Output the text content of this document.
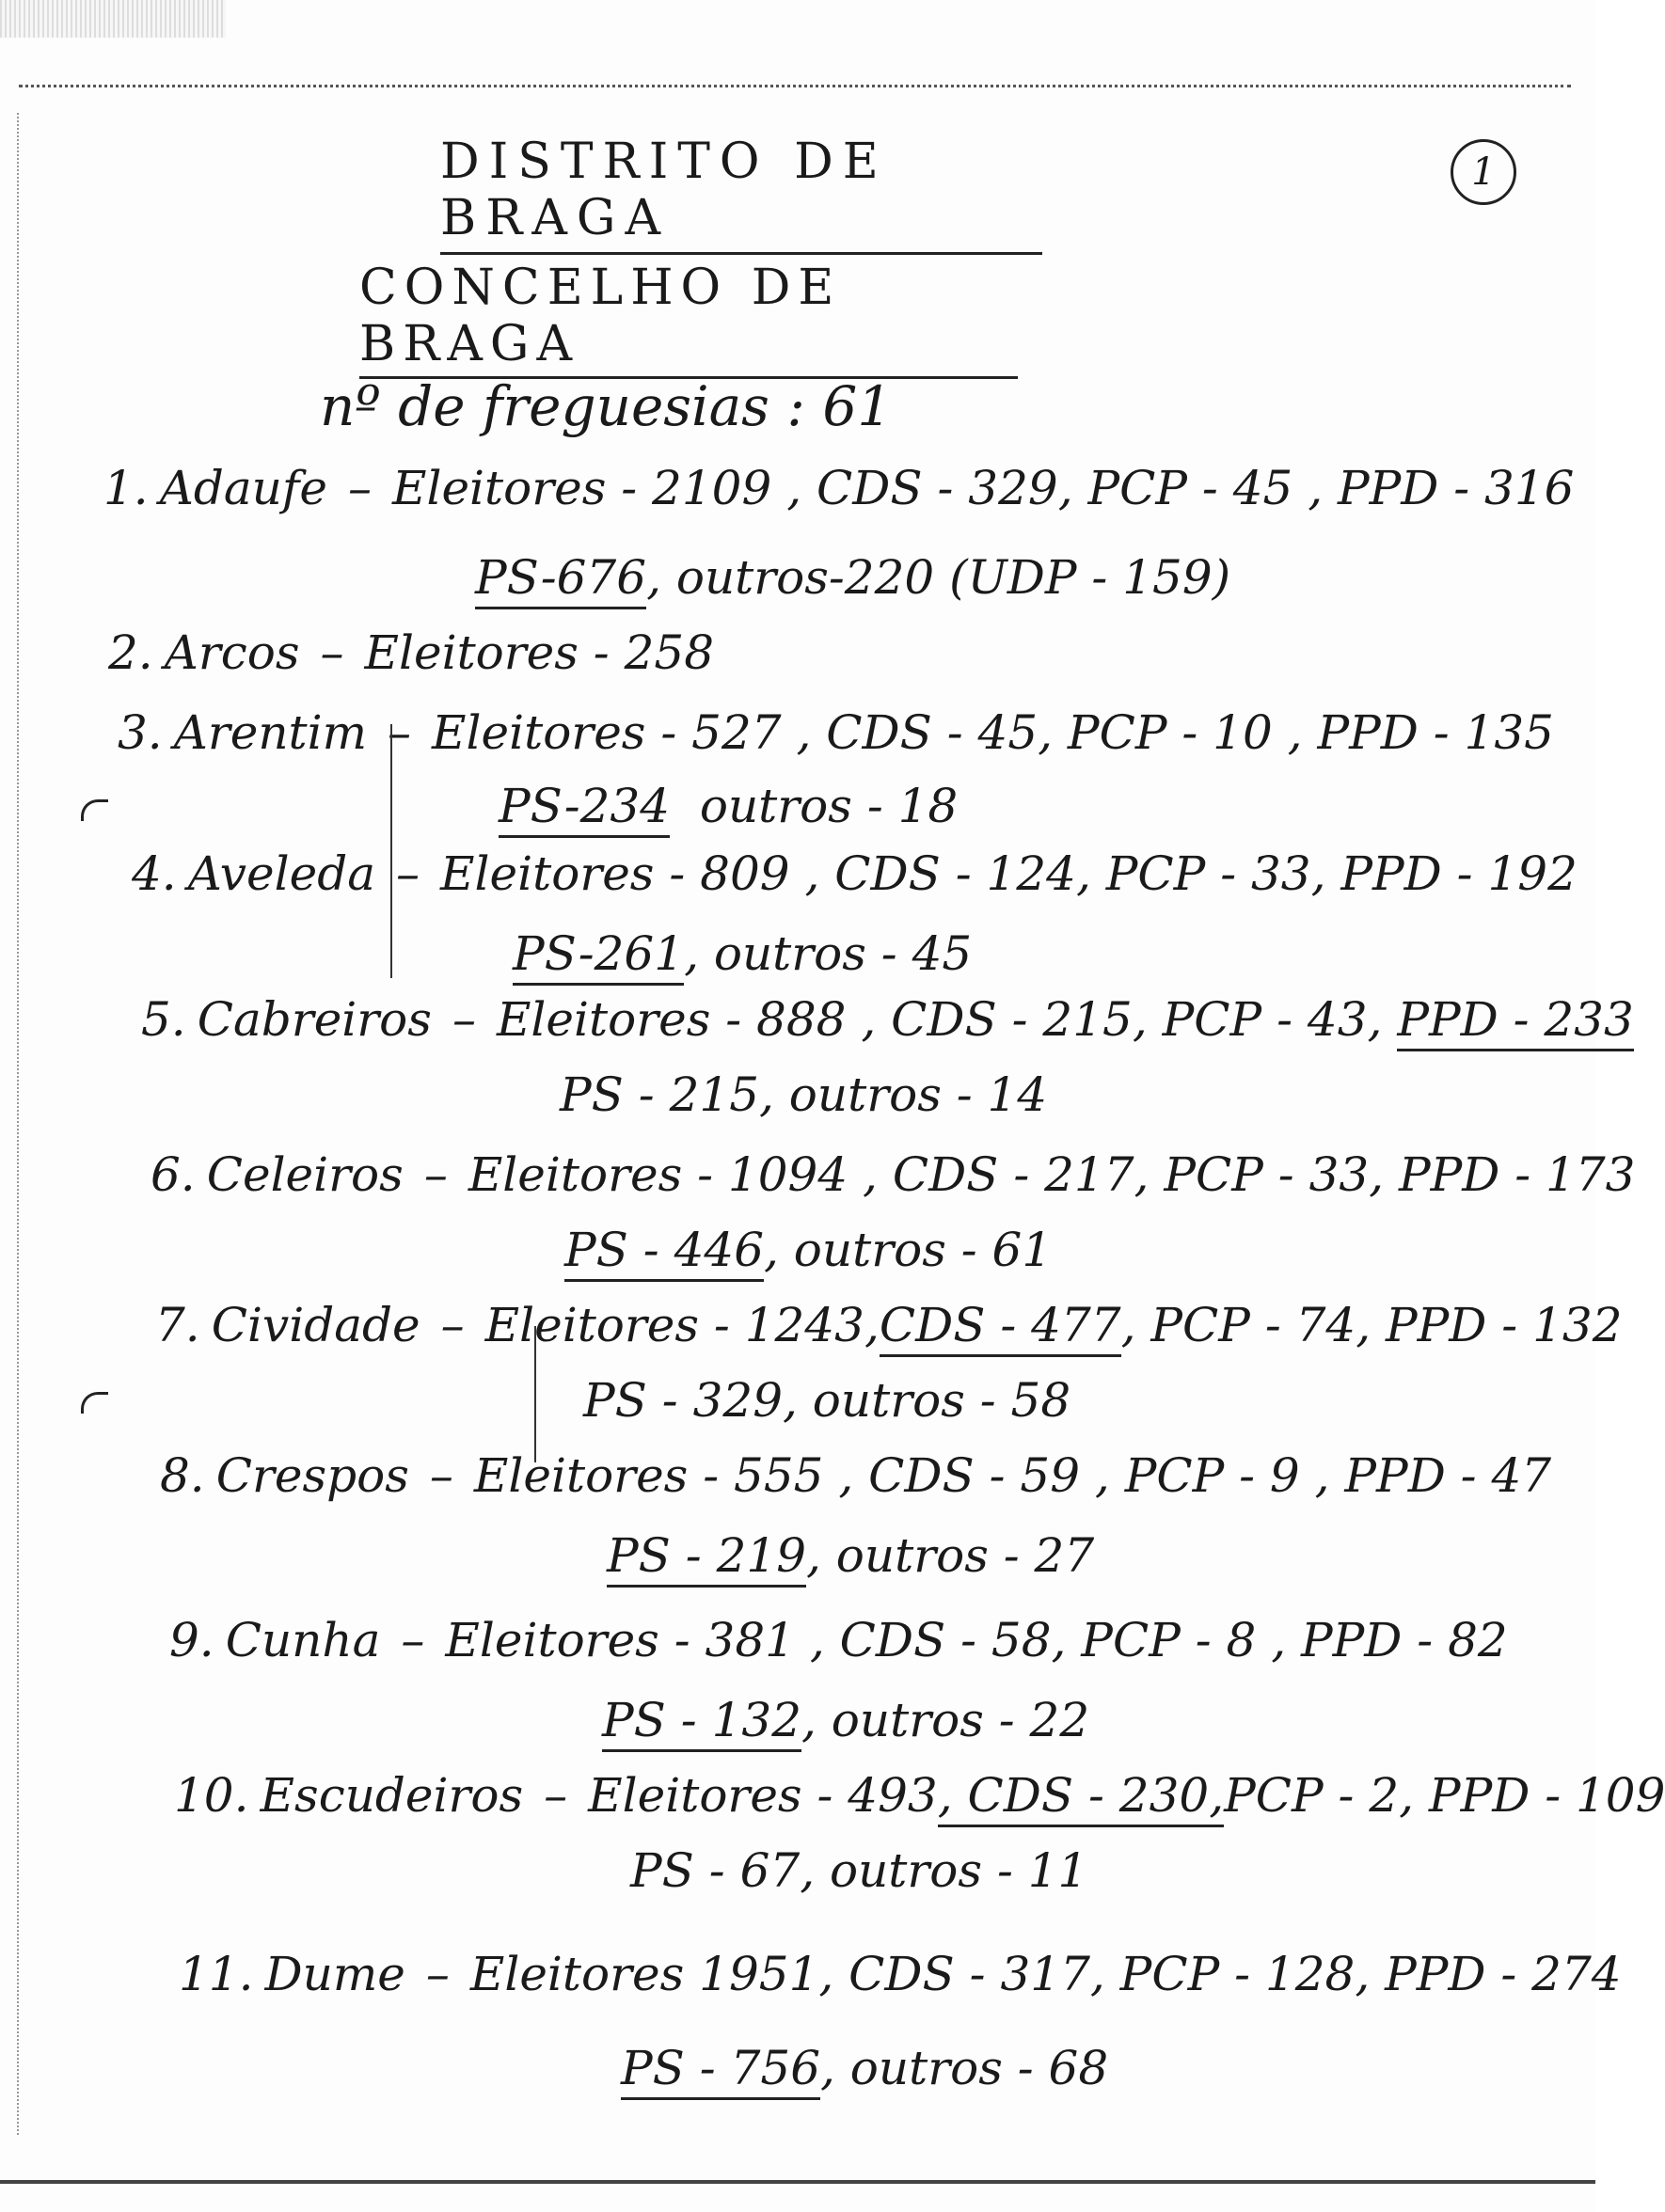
DISTRITO DE BRAGA
1
CONCELHO DE BRAGA
nº de freguesias : 61
1. Adaufe – Eleitores - 2109 , CDS - 329, PCP - 45 , PPD - 316
PS-676, outros-220 (UDP - 159)
2. Arcos – Eleitores - 258
3. Arentim – Eleitores - 527 , CDS - 45, PCP - 10 , PPD - 135
PS-234 outros - 18
4. Aveleda – Eleitores - 809 , CDS - 124, PCP - 33, PPD - 192
PS-261, outros - 45
5. Cabreiros – Eleitores - 888 , CDS - 215, PCP - 43, PPD - 233
PS - 215, outros - 14
6. Celeiros – Eleitores - 1094 , CDS - 217, PCP - 33, PPD - 173
PS - 446, outros - 61
7. Cividade – Eleitores - 1243,CDS - 477, PCP - 74, PPD - 132
PS - 329, outros - 58
8. Crespos – Eleitores - 555 , CDS - 59 , PCP - 9 , PPD - 47
PS - 219, outros - 27
9. Cunha – Eleitores - 381 , CDS - 58, PCP - 8 , PPD - 82
PS - 132, outros - 22
10. Escudeiros – Eleitores - 493, CDS - 230,PCP - 2, PPD - 109
PS - 67, outros - 11
11. Dume – Eleitores 1951, CDS - 317, PCP - 128, PPD - 274
PS - 756, outros - 68
